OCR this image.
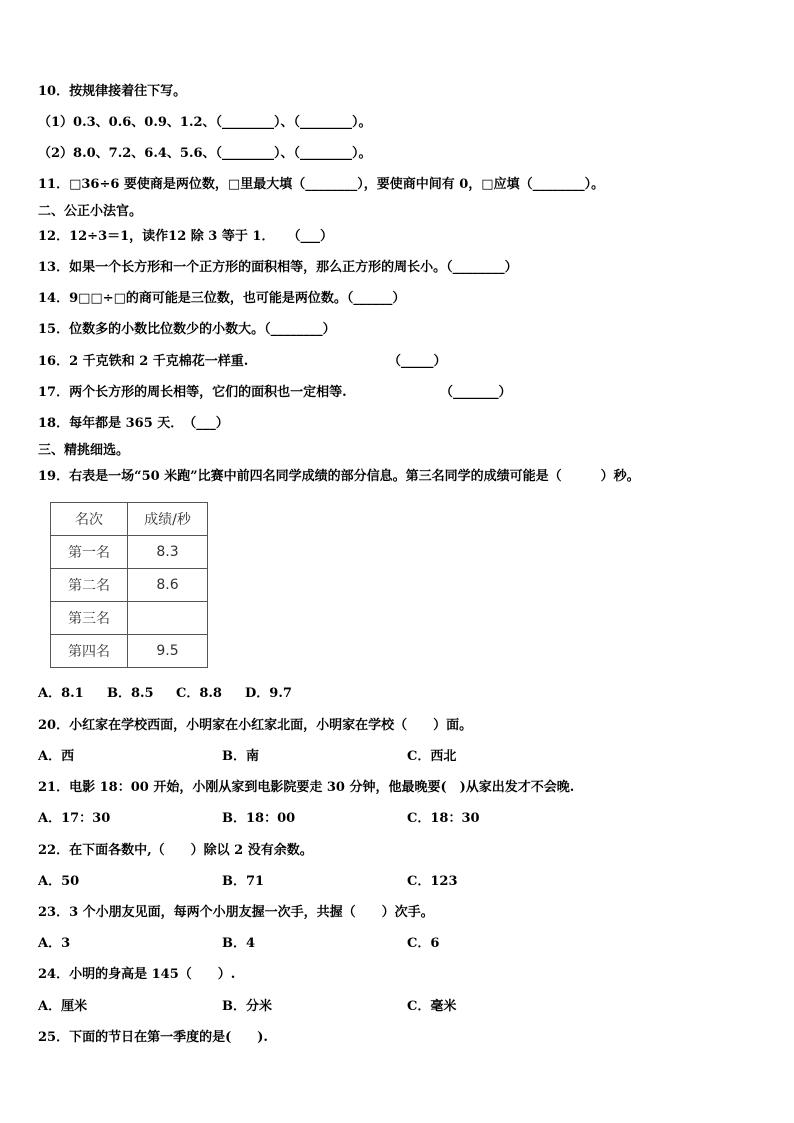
10．按规律接着往下写。
（1）0.3、0.6、0.9、1.2、（________）、（________）。
（2）8.0、7.2、6.4、5.6、（________）、（________）。
11．□36÷6 要使商是两位数，□里最大填（________），要使商中间有 0，□应填（________）。
二、公正小法官。
12．12÷3＝1，读作12 除 3 等于 1．　　（___）
13．如果一个长方形和一个正方形的面积相等，那么正方形的周长小。（________）
14．9□□÷□的商可能是三位数，也可能是两位数。（______）
15．位数多的小数比位数少的小数大。（________）
16．2 千克铁和 2 千克棉花一样重.	（_____）
17．两个长方形的周长相等，它们的面积也一定相等.	（_______）
18．每年都是 365 天．　（___）
三、精挑细选。
19．右表是一场“50 米跑”比赛中前四名同学成绩的部分信息。第三名同学的成绩可能是（　　　）秒。
名次	成绩/秒
第一名	8.3
第二名	8.6
第三名	
第四名	9.5
A．8.1 B．8.5 C．8.8 D．9.7
20．小红家在学校西面，小明家在小红家北面，小明家在学校（　　）面。
A．西	B．南	C．西北
21．电影 18：00 开始，小刚从家到电影院要走 30 分钟，他最晚要(　)从家出发才不会晚.
A．17：30	B．18：00	C．18：30
22．在下面各数中,（　　）除以 2 没有余数。
A．50	B．71	C．123
23．3 个小朋友见面，每两个小朋友握一次手，共握（　　）次手。
A．3	B．4	C．6
24．小明的身高是 145（　　）.
A．厘米	B．分米	C．毫米
25．下面的节日在第一季度的是(　　).
